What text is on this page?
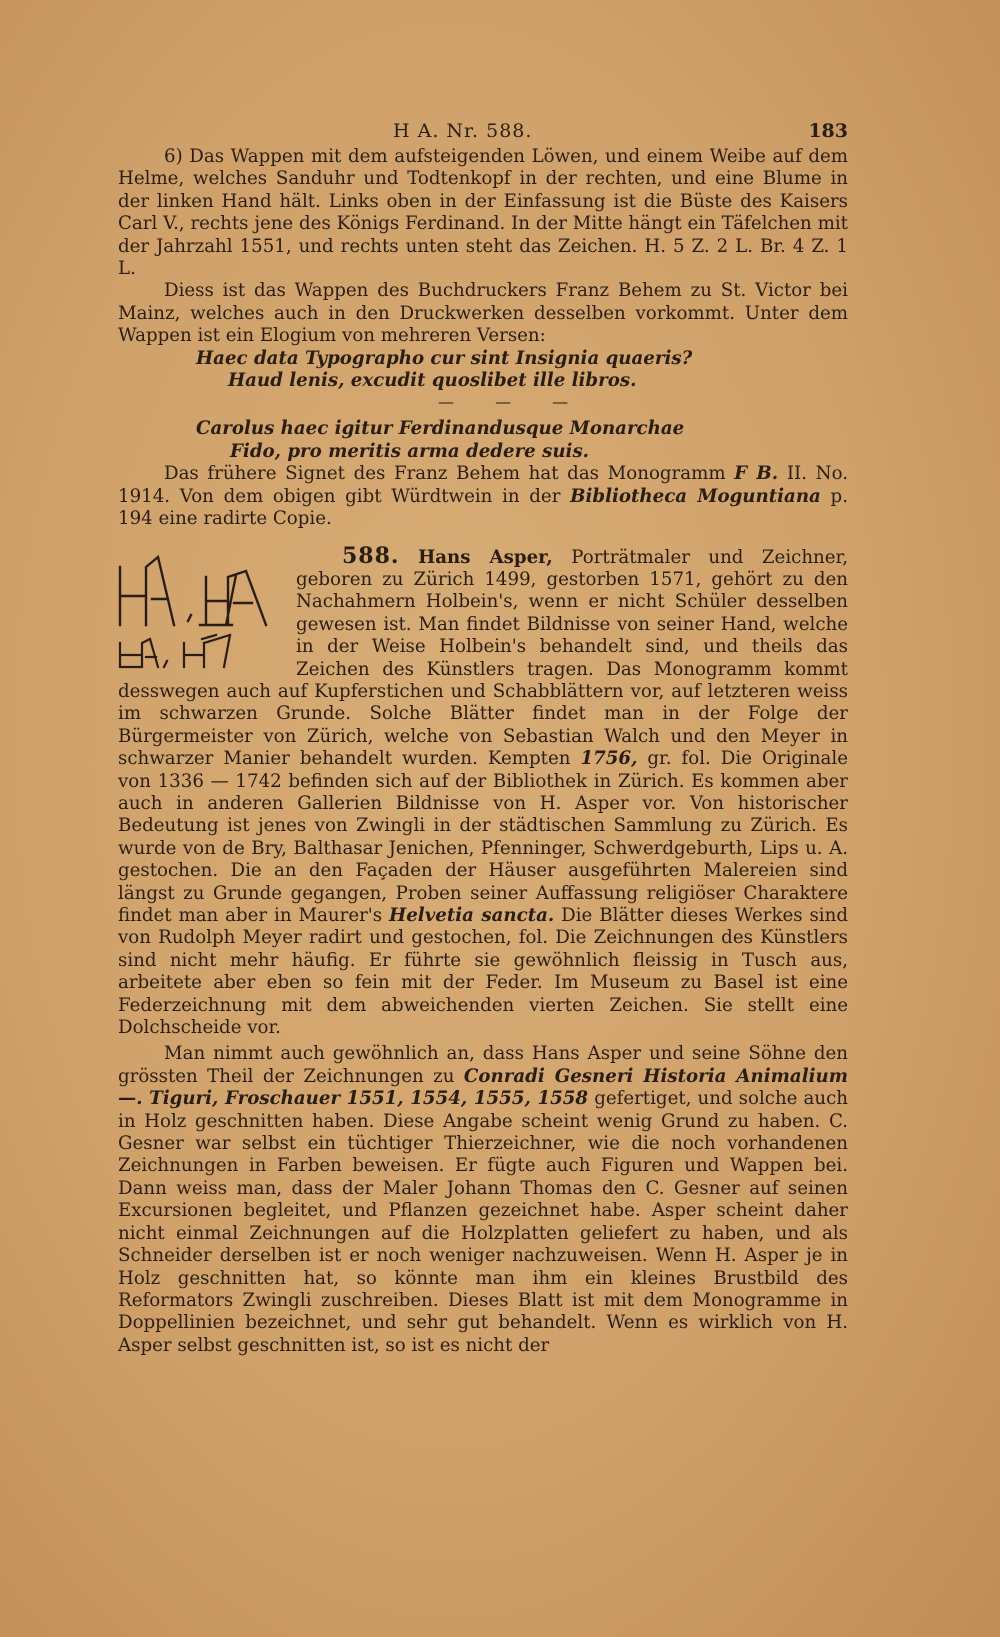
H A. Nr. 588.	183

6) Das Wappen mit dem aufsteigenden Löwen, und einem Weibe auf dem Helme, welches Sanduhr und Todtenkopf in der rechten, und eine Blume in der linken Hand hält. Links oben in der Einfassung ist die Büste des Kaisers Carl V., rechts jene des Königs Ferdinand. In der Mitte hängt ein Täfelchen mit der Jahrzahl 1551, und rechts unten steht das Zeichen. H. 5 Z. 2 L. Br. 4 Z. 1 L.

Diess ist das Wappen des Buchdruckers Franz Behem zu St. Victor bei Mainz, welches auch in den Druckwerken desselben vorkommt. Unter dem Wappen ist ein Elogium von mehreren Versen:

Haec data Typographo cur sint Insignia quaeris?
Haud lenis, excudit quoslibet ille libros.
— — —
Carolus haec igitur Ferdinandusque Monarchae
Fido, pro meritis arma dedere suis.

Das frühere Signet des Franz Behem hat das Monogramm F B. II. No. 1914. Von dem obigen gibt Würdtwein in der Bibliotheca Moguntiana p. 194 eine radirte Copie.

588. Hans Asper, Porträtmaler und Zeichner, geboren zu Zürich 1499, gestorben 1571, gehört zu den Nachahmern Holbein's, wenn er nicht Schüler desselben gewesen ist. Man findet Bildnisse von seiner Hand, welche in der Weise Holbein's behandelt sind, und theils das Zeichen des Künstlers tragen. Das Monogramm kommt desswegen auch auf Kupferstichen und Schabblättern vor, auf letzteren weiss im schwarzen Grunde. Solche Blätter findet man in der Folge der Bürgermeister von Zürich, welche von Sebastian Walch und den Meyer in schwarzer Manier behandelt wurden. Kempten 1756, gr. fol. Die Originale von 1336 — 1742 befinden sich auf der Bibliothek in Zürich. Es kommen aber auch in anderen Gallerien Bildnisse von H. Asper vor. Von historischer Bedeutung ist jenes von Zwingli in der städtischen Sammlung zu Zürich. Es wurde von de Bry, Balthasar Jenichen, Pfenninger, Schwerdgeburth, Lips u. A. gestochen. Die an den Façaden der Häuser ausgeführten Malereien sind längst zu Grunde gegangen, Proben seiner Auffassung religiöser Charaktere findet man aber in Maurer's Helvetia sancta. Die Blätter dieses Werkes sind von Rudolph Meyer radirt und gestochen, fol. Die Zeichnungen des Künstlers sind nicht mehr häufig. Er führte sie gewöhnlich fleissig in Tusch aus, arbeitete aber eben so fein mit der Feder. Im Museum zu Basel ist eine Federzeichnung mit dem abweichenden vierten Zeichen. Sie stellt eine Dolchscheide vor.

Man nimmt auch gewöhnlich an, dass Hans Asper und seine Söhne den grössten Theil der Zeichnungen zu Conradi Gesneri Historia Animalium —. Tiguri, Froschauer 1551, 1554, 1555, 1558 gefertiget, und solche auch in Holz geschnitten haben. Diese Angabe scheint wenig Grund zu haben. C. Gesner war selbst ein tüchtiger Thierzeichner, wie die noch vorhandenen Zeichnungen in Farben beweisen. Er fügte auch Figuren und Wappen bei. Dann weiss man, dass der Maler Johann Thomas den C. Gesner auf seinen Excursionen begleitet, und Pflanzen gezeichnet habe. Asper scheint daher nicht einmal Zeichnungen auf die Holzplatten geliefert zu haben, und als Schneider derselben ist er noch weniger nachzuweisen. Wenn H. Asper je in Holz geschnitten hat, so könnte man ihm ein kleines Brustbild des Reformators Zwingli zuschreiben. Dieses Blatt ist mit dem Monogramme in Doppellinien bezeichnet, und sehr gut behandelt. Wenn es wirklich von H. Asper selbst geschnitten ist, so ist es nicht der
